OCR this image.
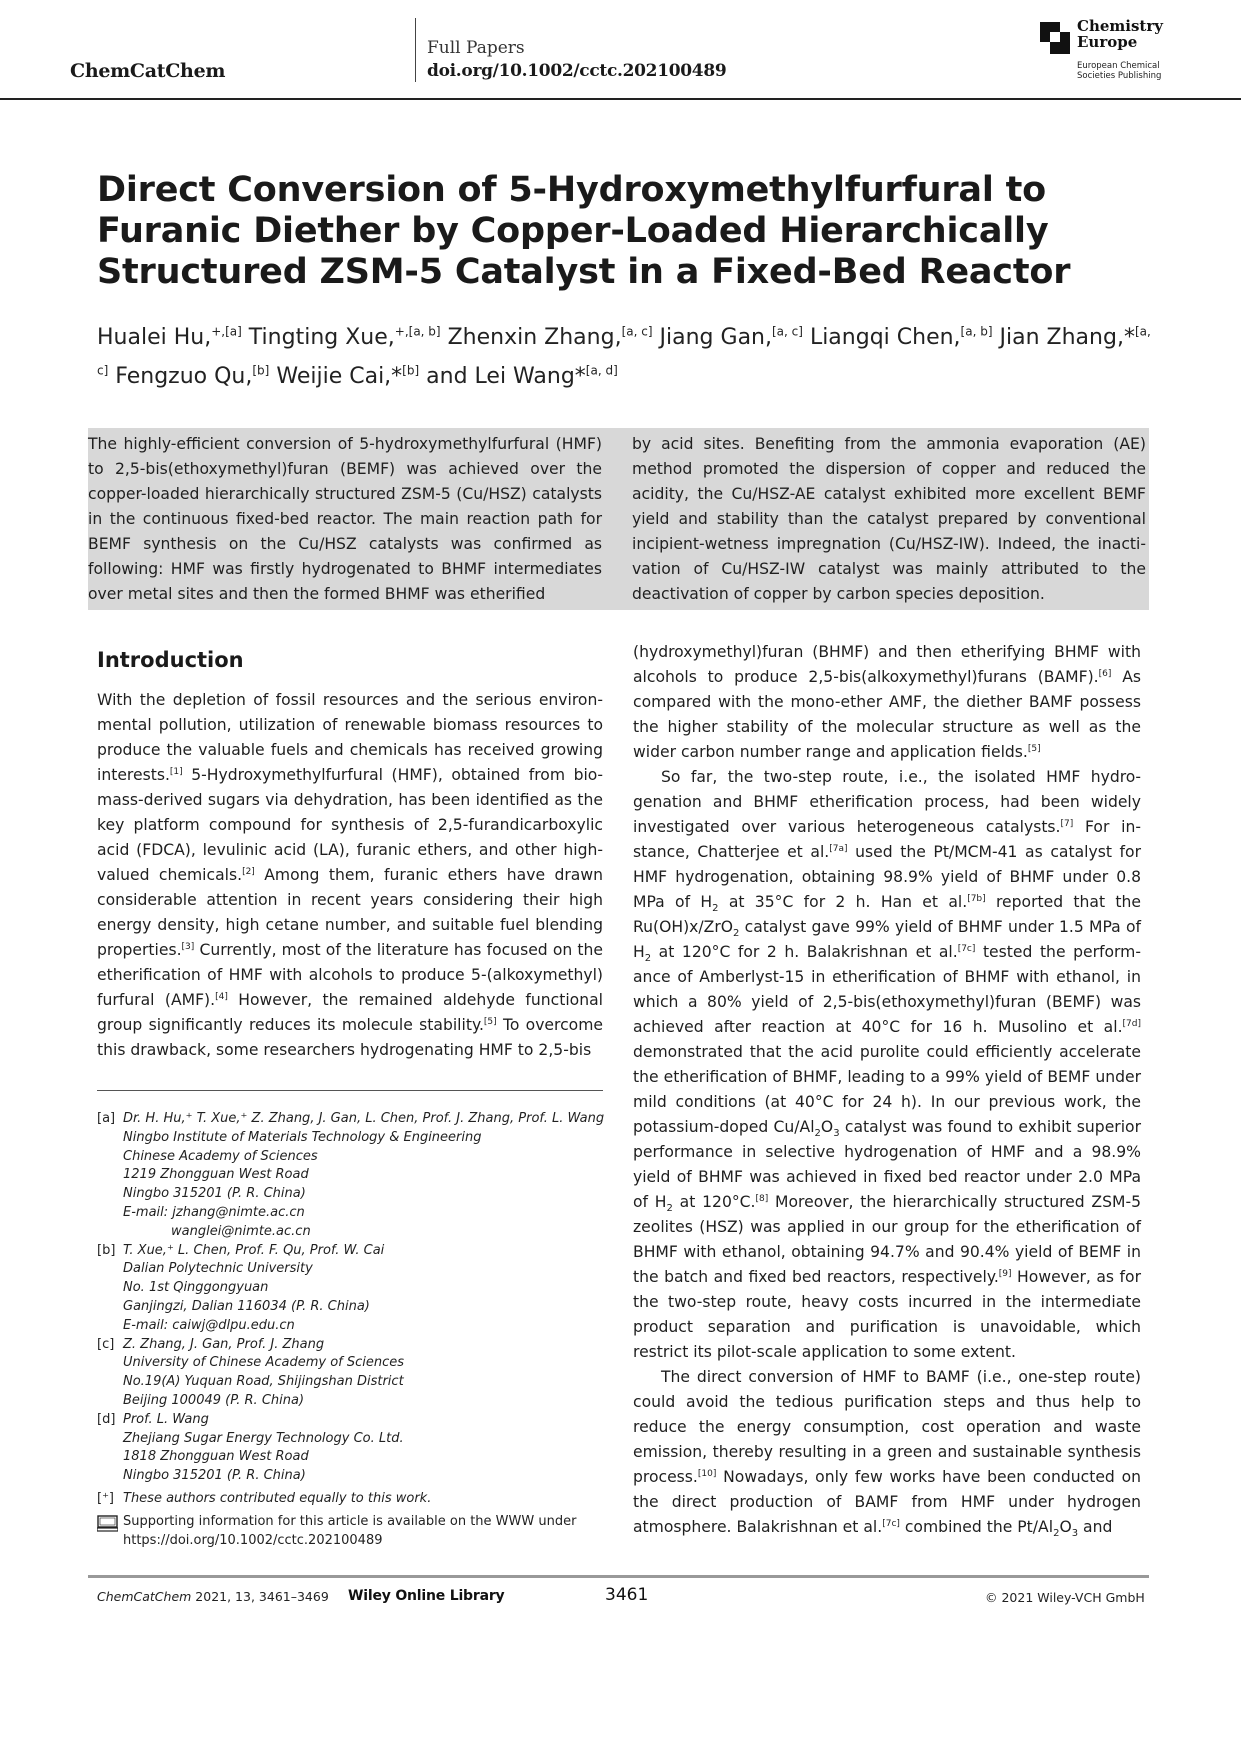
ChemCatChem
Full Papers
doi.org/10.1002/cctc.202100489
Chemistry
Europe
European Chemical
Societies Publishing
Direct Conversion of 5-Hydroxymethylfurfural to Furanic Diether by Copper-Loaded Hierarchically Structured ZSM-5 Catalyst in a Fixed-Bed Reactor

Hualei Hu,$^{+,[a]}$ Tingting Xue,$^{+,[a, b]}$ Zhenxin Zhang,[a, c] Jiang Gan,[a, c] Liangqi Chen,[a, b] Jian Zhang,*[a, c] Fengzuo Qu,[b] Weijie Cai,*[b] and Lei Wang*[a, d]

The highly-efficient conversion of 5-hydroxymethylfurfural (HMF) to 2,5-bis(ethoxymethyl)furan (BEMF) was achieved over the copper-loaded hierarchically structured ZSM-5 (Cu/HSZ) catalysts in the continuous fixed-bed reactor. The main reaction path for BEMF synthesis on the Cu/HSZ catalysts was confirmed as following: HMF was firstly hydrogenated to BHMF intermediates over metal sites and then the formed BHMF was etherified

by acid sites. Benefiting from the ammonia evaporation (AE) method promoted the dispersion of copper and reduced the acidity, the Cu/HSZ-AE catalyst exhibited more excellent BEMF yield and stability than the catalyst prepared by conventional incipient-wetness impregnation (Cu/HSZ-IW). Indeed, the inactivation of Cu/HSZ-IW catalyst was mainly attributed to the deactivation of copper by carbon species deposition.

Introduction

With the depletion of fossil resources and the serious environmental pollution, utilization of renewable biomass resources to produce the valuable fuels and chemicals has received growing interests.[1] 5-Hydroxymethylfurfural (HMF), obtained from biomass-derived sugars via dehydration, has been identified as the key platform compound for synthesis of 2,5-furandicarboxylic acid (FDCA), levulinic acid (LA), furanic ethers, and other high-valued chemicals.[2] Among them, furanic ethers have drawn considerable attention in recent years considering their high energy density, high cetane number, and suitable fuel blending properties.[3] Currently, most of the literature has focused on the etherification of HMF with alcohols to produce 5-(alkoxymethyl) furfural (AMF).[4] However, the remained aldehyde functional group significantly reduces its molecule stability.[5] To overcome this drawback, some researchers hydrogenating HMF to 2,5-bis

(hydroxymethyl)furan (BHMF) and then etherifying BHMF with alcohols to produce 2,5-bis(alkoxymethyl)furans (BAMF).[6] As compared with the mono-ether AMF, the diether BAMF possess the higher stability of the molecular structure as well as the wider carbon number range and application fields.[5]

So far, the two-step route, i.e., the isolated HMF hydrogenation and BHMF etherification process, had been widely investigated over various heterogeneous catalysts.[7] For instance, Chatterjee et al.[7a] used the Pt/MCM-41 as catalyst for HMF hydrogenation, obtaining 98.9% yield of BHMF under 0.8 MPa of $H_2$ at 35°C for 2 h. Han et al.[7b] reported that the Ru(OH)x/ZrO$_2$ catalyst gave 99% yield of BHMF under 1.5 MPa of $H_2$ at 120°C for 2 h. Balakrishnan et al.[7c] tested the performance of Amberlyst-15 in etherification of BHMF with ethanol, in which a 80% yield of 2,5-bis(ethoxymethyl)furan (BEMF) was achieved after reaction at 40°C for 16 h. Musolino et al.[7d] demonstrated that the acid purolite could efficiently accelerate the etherification of BHMF, leading to a 99% yield of BEMF under mild conditions (at 40°C for 24 h). In our previous work, the potassium-doped $Cu/Al_2O_3$ catalyst was found to exhibit superior performance in selective hydrogenation of HMF and a 98.9% yield of BHMF was achieved in fixed bed reactor under 2.0 MPa of $H_2$ at 120°C.[8] Moreover, the hierarchically structured ZSM-5 zeolites (HSZ) was applied in our group for the etherification of BHMF with ethanol, obtaining 94.7% and 90.4% yield of BEMF in the batch and fixed bed reactors, respectively.[9] However, as for the two-step route, heavy costs incurred in the intermediate product separation and purification is unavoidable, which restrict its pilot-scale application to some extent.

The direct conversion of HMF to BAMF (i.e., one-step route) could avoid the tedious purification steps and thus help to reduce the energy consumption, cost operation and waste emission, thereby resulting in a green and sustainable synthesis process.[10] Nowadays, only few works have been conducted on the direct production of BAMF from HMF under hydrogen atmosphere. Balakrishnan et al.[7c] combined the $Pt/Al_2O_3$ and

[a] Dr. H. Hu,⁺ T. Xue,⁺ Z. Zhang, J. Gan, L. Chen, Prof. J. Zhang, Prof. L. Wang
Ningbo Institute of Materials Technology & Engineering
Chinese Academy of Sciences
1219 Zhongguan West Road
Ningbo 315201 (P. R. China)
E-mail: jzhang@nimte.ac.cn
wanglei@nimte.ac.cn
[b] T. Xue,⁺ L. Chen, Prof. F. Qu, Prof. W. Cai
Dalian Polytechnic University
No. 1st Qinggongyuan
Ganjingzi, Dalian 116034 (P. R. China)
E-mail: caiwj@dlpu.edu.cn
[c] Z. Zhang, J. Gan, Prof. J. Zhang
University of Chinese Academy of Sciences
No.19(A) Yuquan Road, Shijingshan District
Beijing 100049 (P. R. China)
[d] Prof. L. Wang
Zhejiang Sugar Energy Technology Co. Ltd.
1818 Zhongguan West Road
Ningbo 315201 (P. R. China)
[⁺] These authors contributed equally to this work.
Supporting information for this article is available on the WWW under
https://doi.org/10.1002/cctc.202100489
ChemCatChem 2021, 13, 3461–3469 Wiley Online Library	3461	© 2021 Wiley-VCH GmbH
